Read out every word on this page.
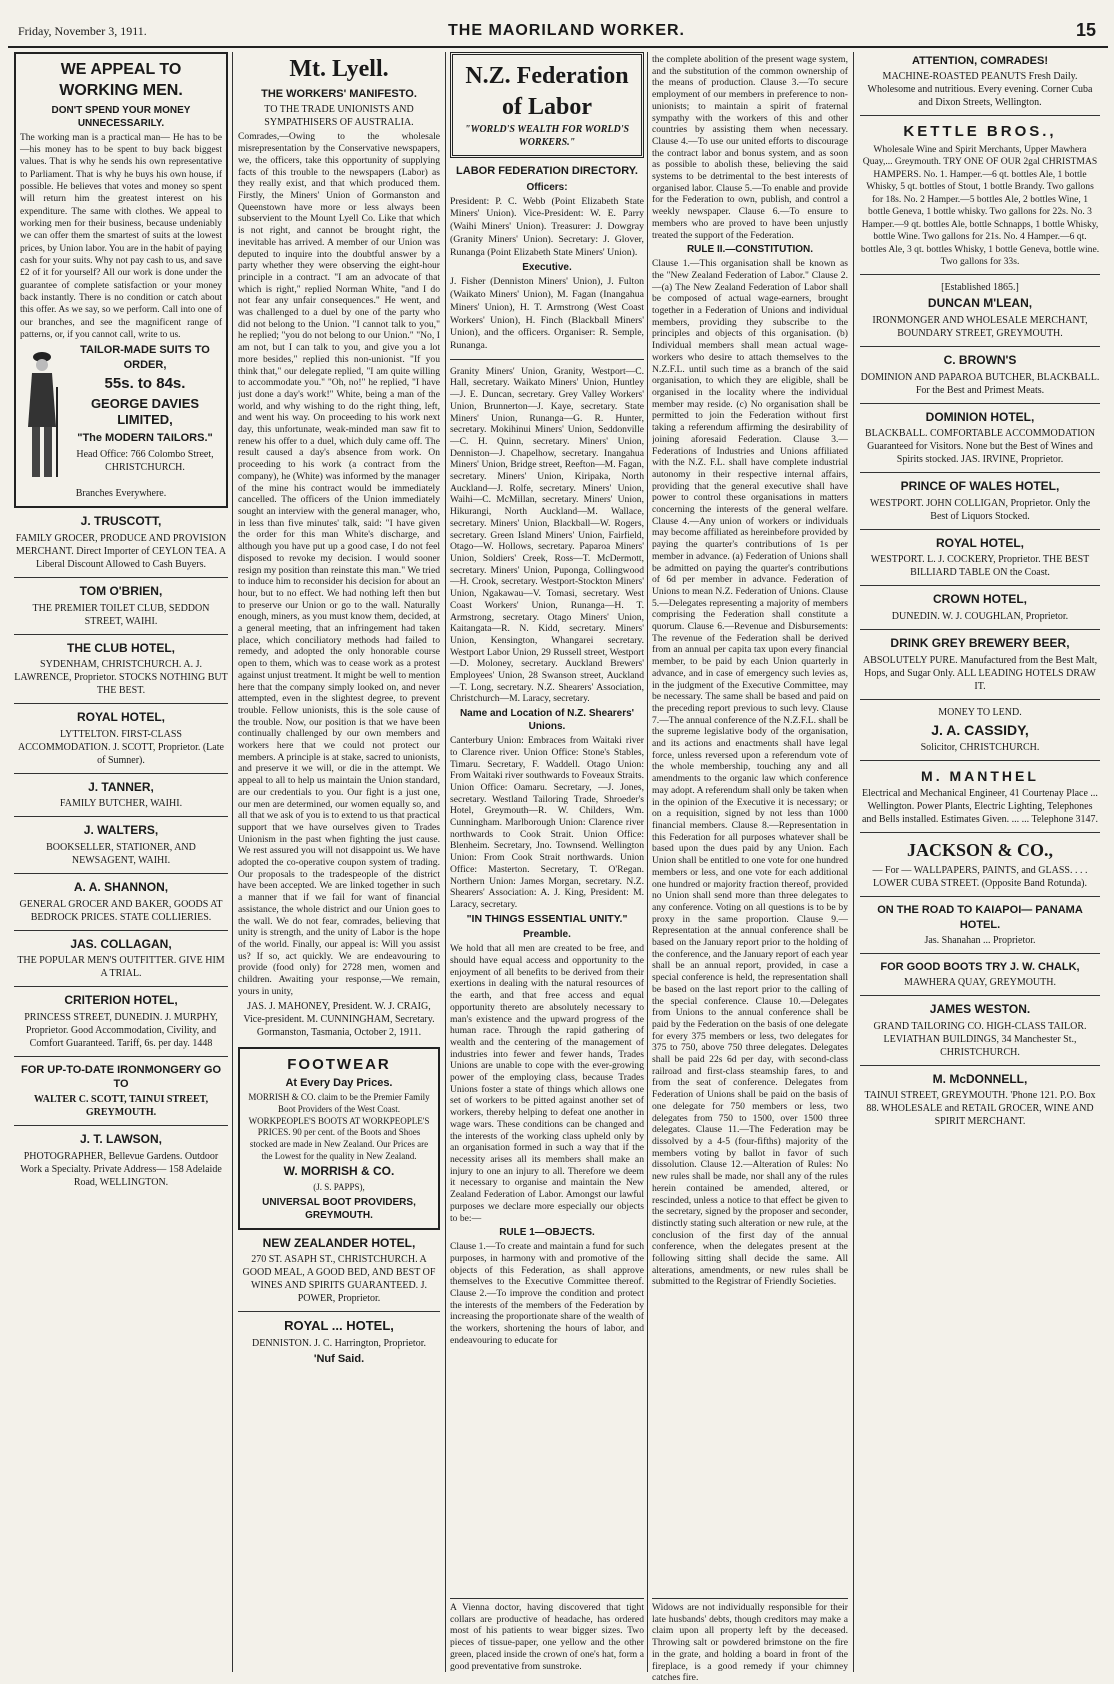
Friday, November 3, 1911.	THE MAORILAND WORKER.	15
WE APPEAL TO WORKING MEN.
DON'T SPEND YOUR MONEY UNNECESSARILY.

The working man is a practical man— He has to be—his money has to be spent to buy back biggest values. That is why he sends his own representative to Parliament. That is why he buys his own house, if possible. He believes that votes and money so spent will return him the greatest interest on his expenditure. The same with clothes. We appeal to working men for their business, because undeniably we can offer them the smartest of suits at the lowest prices, by Union labor. You are in the habit of paying cash for your suits. Why not pay cash to us, and save £2 of it for yourself? All our work is done under the guarantee of complete satisfaction or your money back instantly. There is no condition or catch about this offer. As we say, so we perform. Call into one of our branches, and see the magnificent range of patterns, or, if you cannot call, write to us.

TAILOR-MADE SUITS TO ORDER,
55s. to 84s.
GEORGE DAVIES LIMITED,
"The MODERN TAILORS."

Head Office: 766 Colombo Street, CHRISTCHURCH.

Branches Everywhere.

J. TRUSCOTT,

FAMILY GROCER, PRODUCE AND PROVISION MERCHANT. Direct Importer of CEYLON TEA. A Liberal Discount Allowed to Cash Buyers.

TOM O'BRIEN,

THE PREMIER TOILET CLUB, SEDDON STREET, WAIHI.

THE CLUB HOTEL,

SYDENHAM, CHRISTCHURCH. A. J. LAWRENCE, Proprietor. STOCKS NOTHING BUT THE BEST.

ROYAL HOTEL,

LYTTELTON. FIRST-CLASS ACCOMMODATION. J. SCOTT, Proprietor. (Late of Sumner).

J. TANNER,

FAMILY BUTCHER, WAIHI.

J. WALTERS,

BOOKSELLER, STATIONER, AND NEWSAGENT, WAIHI.

A. A. SHANNON,

GENERAL GROCER AND BAKER, GOODS AT BEDROCK PRICES. STATE COLLIERIES.

JAS. COLLAGAN,

THE POPULAR MEN'S OUTFITTER. GIVE HIM A TRIAL.

CRITERION HOTEL,

PRINCESS STREET, DUNEDIN. J. MURPHY, Proprietor. Good Accommodation, Civility, and Comfort Guaranteed. Tariff, 6s. per day. 1448

FOR UP-TO-DATE IRONMONGERY GO TO

WALTER C. SCOTT, TAINUI STREET, GREYMOUTH.

J. T. LAWSON,

PHOTOGRAPHER, Bellevue Gardens. Outdoor Work a Specialty. Private Address— 158 Adelaide Road, WELLINGTON.

Mt. Lyell.
THE WORKERS' MANIFESTO.

TO THE TRADE UNIONISTS AND SYMPATHISERS OF AUSTRALIA.

Comrades,—Owing to the wholesale misrepresentation by the Conservative newspapers, we, the officers, take this opportunity of supplying facts of this trouble to the newspapers (Labor) as they really exist, and that which produced them. Firstly, the Miners' Union of Gormanston and Queenstown have more or less always been subservient to the Mount Lyell Co. Like that which is not right, and cannot be brought right, the inevitable has arrived. A member of our Union was deputed to inquire into the doubtful answer by a party whether they were observing the eight-hour principle in a contract. "I am an advocate of that which is right," replied Norman White, "and I do not fear any unfair consequences." He went, and was challenged to a duel by one of the party who did not belong to the Union. "I cannot talk to you," he replied; "you do not belong to our Union." "No, I am not, but I can talk to you, and give you a lot more besides," replied this non-unionist. "If you think that," our delegate replied, "I am quite willing to accommodate you." "Oh, no!" he replied, "I have just done a day's work!" White, being a man of the world, and why wishing to do the right thing, left, and went his way. On proceeding to his work next day, this unfortunate, weak-minded man saw fit to renew his offer to a duel, which duly came off. The result caused a day's absence from work. On proceeding to his work (a contract from the company), he (White) was informed by the manager of the mine his contract would be immediately cancelled. The officers of the Union immediately sought an interview with the general manager, who, in less than five minutes' talk, said: "I have given the order for this man White's discharge, and although you have put up a good case, I do not feel disposed to revoke my decision. I would sooner resign my position than reinstate this man." We tried to induce him to reconsider his decision for about an hour, but to no effect. We had nothing left then but to preserve our Union or go to the wall. Naturally enough, miners, as you must know them, decided, at a general meeting, that an infringement had taken place, which conciliatory methods had failed to remedy, and adopted the only honorable course open to them, which was to cease work as a protest against unjust treatment. It might be well to mention here that the company simply looked on, and never attempted, even in the slightest degree, to prevent trouble. Fellow unionists, this is the sole cause of the trouble. Now, our position is that we have been continually challenged by our own members and workers here that we could not protect our members. A principle is at stake, sacred to unionists, and preserve it we will, or die in the attempt. We appeal to all to help us maintain the Union standard, are our credentials to you. Our fight is a just one, our men are determined, our women equally so, and all that we ask of you is to extend to us that practical support that we have ourselves given to Trades Unionism in the past when fighting the just cause. We rest assured you will not disappoint us. We have adopted the co-operative coupon system of trading. Our proposals to the tradespeople of the district have been accepted. We are linked together in such a manner that if we fail for want of financial assistance, the whole district and our Union goes to the wall. We do not fear, comrades, believing that unity is strength, and the unity of Labor is the hope of the world. Finally, our appeal is: Will you assist us? If so, act quickly. We are endeavouring to provide (food only) for 2728 men, women and children. Awaiting your response,—We remain, yours in unity,

JAS. J. MAHONEY, President. W. J. CRAIG, Vice-president. M. CUNNINGHAM, Secretary. Gormanston, Tasmania, October 2, 1911.

FOOTWEAR
At Every Day Prices.

MORRISH & CO. claim to be the Premier Family Boot Providers of the West Coast. WORKPEOPLE'S BOOTS AT WORKPEOPLE'S PRICES. 90 per cent. of the Boots and Shoes stocked are made in New Zealand. Our Prices are the Lowest for the quality in New Zealand.

W. MORRISH & CO.
(J. S. PAPPS),
UNIVERSAL BOOT PROVIDERS, GREYMOUTH.
NEW ZEALANDER HOTEL,

270 ST. ASAPH ST., CHRISTCHURCH. A GOOD MEAL, A GOOD BED, AND BEST OF WINES AND SPIRITS GUARANTEED. J. POWER, Proprietor.

ROYAL ... HOTEL,

DENNISTON. J. C. Harrington, Proprietor.

'Nuf Said.
N.Z. Federation of Labor
"WORLD'S WEALTH FOR WORLD'S WORKERS."
LABOR FEDERATION DIRECTORY.
Officers:

President: P. C. Webb (Point Elizabeth State Miners' Union). Vice-President: W. E. Parry (Waihi Miners' Union). Treasurer: J. Dowgray (Granity Miners' Union). Secretary: J. Glover, Runanga (Point Elizabeth State Miners' Union).

Executive.

J. Fisher (Denniston Miners' Union), J. Fulton (Waikato Miners' Union), M. Fagan (Inangahua Miners' Union), H. T. Armstrong (West Coast Workers' Union), H. Finch (Blackball Miners' Union), and the officers. Organiser: R. Semple, Runanga.

Granity Miners' Union, Granity, Westport—C. Hall, secretary. Waikato Miners' Union, Huntley—J. E. Duncan, secretary. Grey Valley Workers' Union, Brunnerton—J. Kaye, secretary. State Miners' Union, Runanga—G. R. Hunter, secretary. Mokihinui Miners' Union, Seddonville—C. H. Quinn, secretary. Miners' Union, Denniston—J. Chapelhow, secretary. Inangahua Miners' Union, Bridge street, Reefton—M. Fagan, secretary. Miners' Union, Kiripaka, North Auckland—J. Rolfe, secretary. Miners' Union, Waihi—C. McMillan, secretary. Miners' Union, Hikurangi, North Auckland—M. Wallace, secretary. Miners' Union, Blackball—W. Rogers, secretary. Green Island Miners' Union, Fairfield, Otago—W. Hollows, secretary. Paparoa Miners' Union, Soldiers' Creek, Ross—T. McDermott, secretary. Miners' Union, Puponga, Collingwood—H. Crook, secretary. Westport-Stockton Miners' Union, Ngakawau—V. Tomasi, secretary. West Coast Workers' Union, Runanga—H. T. Armstrong, secretary. Otago Miners' Union, Kaitangata—R. N. Kidd, secretary. Miners' Union, Kensington, Whangarei secretary. Westport Labor Union, 29 Russell street, Westport—D. Moloney, secretary. Auckland Brewers' Employees' Union, 28 Swanson street, Auckland—T. Long, secretary. N.Z. Shearers' Association, Christchurch—M. Laracy, secretary.

Name and Location of N.Z. Shearers' Unions.

Canterbury Union: Embraces from Waitaki river to Clarence river. Union Office: Stone's Stables, Timaru. Secretary, F. Waddell. Otago Union: From Waitaki river southwards to Foveaux Straits. Union Office: Oamaru. Secretary, —J. Jones, secretary. Westland Tailoring Trade, Shroeder's Hotel, Greymouth—R. W. Childers, Wm. Cunningham. Marlborough Union: Clarence river northwards to Cook Strait. Union Office: Blenheim. Secretary, Jno. Townsend. Wellington Union: From Cook Strait northwards. Union Office: Masterton. Secretary, T. O'Regan. Northern Union: James Morgan, secretary. N.Z. Shearers' Association: A. J. King, President: M. Laracy, secretary.

"IN THINGS ESSENTIAL UNITY."
Preamble.

We hold that all men are created to be free, and should have equal access and opportunity to the enjoyment of all benefits to be derived from their exertions in dealing with the natural resources of the earth, and that free access and equal opportunity thereto are absolutely necessary to man's existence and the upward progress of the human race. Through the rapid gathering of wealth and the centering of the management of industries into fewer and fewer hands, Trades Unions are unable to cope with the ever-growing power of the employing class, because Trades Unions foster a state of things which allows one set of workers to be pitted against another set of workers, thereby helping to defeat one another in wage wars. These conditions can be changed and the interests of the working class upheld only by an organisation formed in such a way that if the necessity arises all its members shall make an injury to one an injury to all. Therefore we deem it necessary to organise and maintain the New Zealand Federation of Labor. Amongst our lawful purposes we declare more especially our objects to be:—

RULE 1—OBJECTS.

Clause 1.—To create and maintain a fund for such purposes, in harmony with and promotive of the objects of this Federation, as shall approve themselves to the Executive Committee thereof. Clause 2.—To improve the condition and protect the interests of the members of the Federation by increasing the proportionate share of the wealth of the workers, shortening the hours of labor, and endeavouring to educate for

A Vienna doctor, having discovered that tight collars are productive of headache, has ordered most of his patients to wear bigger sizes. Two pieces of tissue-paper, one yellow and the other green, placed inside the crown of one's hat, form a good preventative from sunstroke.

the complete abolition of the present wage system, and the substitution of the common ownership of the means of production. Clause 3.—To secure employment of our members in preference to non-unionists; to maintain a spirit of fraternal sympathy with the workers of this and other countries by assisting them when necessary. Clause 4.—To use our united efforts to discourage the contract labor and bonus system, and as soon as possible to abolish these, believing the said systems to be detrimental to the best interests of organised labor. Clause 5.—To enable and provide for the Federation to own, publish, and control a weekly newspaper. Clause 6.—To ensure to members who are proved to have been unjustly treated the support of the Federation.

RULE II.—CONSTITUTION.

Clause 1.—This organisation shall be known as the "New Zealand Federation of Labor." Clause 2.—(a) The New Zealand Federation of Labor shall be composed of actual wage-earners, brought together in a Federation of Unions and individual members, providing they subscribe to the principles and objects of this organisation. (b) Individual members shall mean actual wage-workers who desire to attach themselves to the N.Z.F.L. until such time as a branch of the said organisation, to which they are eligible, shall be organised in the locality where the individual member may reside. (c) No organisation shall be permitted to join the Federation without first taking a referendum affirming the desirability of joining aforesaid Federation. Clause 3.—Federations of Industries and Unions affiliated with the N.Z. F.L. shall have complete industrial autonomy in their respective internal affairs, providing that the general executive shall have power to control these organisations in matters concerning the interests of the general welfare. Clause 4.—Any union of workers or individuals may become affiliated as hereinbefore provided by paying the quarter's contributions of 1s per member in advance. (a) Federation of Unions shall be admitted on paying the quarter's contributions of 6d per member in advance. Federation of Unions to mean N.Z. Federation of Unions. Clause 5.—Delegates representing a majority of members comprising the Federation shall constitute a quorum. Clause 6.—Revenue and Disbursements: The revenue of the Federation shall be derived from an annual per capita tax upon every financial member, to be paid by each Union quarterly in advance, and in case of emergency such levies as, in the judgment of the Executive Committee, may be necessary. The same shall be based and paid on the preceding report previous to such levy. Clause 7.—The annual conference of the N.Z.F.L. shall be the supreme legislative body of the organisation, and its actions and enactments shall have legal force, unless reversed upon a referendum vote of the whole membership, touching any and all amendments to the organic law which conference may adopt. A referendum shall only be taken when in the opinion of the Executive it is necessary; or on a requisition, signed by not less than 1000 financial members. Clause 8.—Representation in this Federation for all purposes whatever shall be based upon the dues paid by any Union. Each Union shall be entitled to one vote for one hundred members or less, and one vote for each additional one hundred or majority fraction thereof, provided no Union shall send more than three delegates to any conference. Voting on all questions is to be by proxy in the same proportion. Clause 9.—Representation at the annual conference shall be based on the January report prior to the holding of the conference, and the January report of each year shall be an annual report, provided, in case a special conference is held, the representation shall be based on the last report prior to the calling of the special conference. Clause 10.—Delegates from Unions to the annual conference shall be paid by the Federation on the basis of one delegate for every 375 members or less, two delegates for 375 to 750, above 750 three delegates. Delegates shall be paid 22s 6d per day, with second-class railroad and first-class steamship fares, to and from the seat of conference. Delegates from Federation of Unions shall be paid on the basis of one delegate for 750 members or less, two delegates from 750 to 1500, over 1500 three delegates. Clause 11.—The Federation may be dissolved by a 4-5 (four-fifths) majority of the members voting by ballot in favor of such dissolution. Clause 12.—Alteration of Rules: No new rules shall be made, nor shall any of the rules herein contained be amended, altered, or rescinded, unless a notice to that effect be given to the secretary, signed by the proposer and seconder, distinctly stating such alteration or new rule, at the conclusion of the first day of the annual conference, when the delegates present at the following sitting shall decide the same. All alterations, amendments, or new rules shall be submitted to the Registrar of Friendly Societies.

Widows are not individually responsible for their late husbands' debts, though creditors may make a claim upon all property left by the deceased. Throwing salt or powdered brimstone on the fire in the grate, and holding a board in front of the fireplace, is a good remedy if your chimney catches fire.
ATTENTION, COMRADES!

MACHINE-ROASTED PEANUTS Fresh Daily. Wholesome and nutritious. Every evening. Corner Cuba and Dixon Streets, Wellington.

KETTLE BROS.,

Wholesale Wine and Spirit Merchants, Upper Mawhera Quay,... Greymouth. TRY ONE OF OUR 2gal CHRISTMAS HAMPERS. No. 1. Hamper.—6 qt. bottles Ale, 1 bottle Whisky, 5 qt. bottles of Stout, 1 bottle Brandy. Two gallons for 18s. No. 2 Hamper.—5 bottles Ale, 2 bottles Wine, 1 bottle Geneva, 1 bottle whisky. Two gallons for 22s. No. 3 Hamper.—9 qt. bottles Ale, bottle Schnapps, 1 bottle Whisky, bottle Wine. Two gallons for 21s. No. 4 Hamper.—6 qt. bottles Ale, 3 qt. bottles Whisky, 1 bottle Geneva, bottle wine. Two gallons for 33s.

[Established 1865.]

DUNCAN M'LEAN,

IRONMONGER AND WHOLESALE MERCHANT, BOUNDARY STREET, GREYMOUTH.

C. BROWN'S

DOMINION AND PAPAROA BUTCHER, BLACKBALL. For the Best and Primest Meats.

DOMINION HOTEL,

BLACKBALL. COMFORTABLE ACCOMMODATION Guaranteed for Visitors. None but the Best of Wines and Spirits stocked. JAS. IRVINE, Proprietor.

PRINCE OF WALES HOTEL,

WESTPORT. JOHN COLLIGAN, Proprietor. Only the Best of Liquors Stocked.

ROYAL HOTEL,

WESTPORT. L. J. COCKERY, Proprietor. THE BEST BILLIARD TABLE ON the Coast.

CROWN HOTEL,

DUNEDIN. W. J. COUGHLAN, Proprietor.

DRINK GREY BREWERY BEER,

ABSOLUTELY PURE. Manufactured from the Best Malt, Hops, and Sugar Only. ALL LEADING HOTELS DRAW IT.

MONEY TO LEND.

J. A. CASSIDY,

Solicitor, CHRISTCHURCH.

M. MANTHEL

Electrical and Mechanical Engineer, 41 Courtenay Place ... Wellington. Power Plants, Electric Lighting, Telephones and Bells installed. Estimates Given. ... ... Telephone 3147.

JACKSON & CO.,

— For — WALLPAPERS, PAINTS, and GLASS. . . . LOWER CUBA STREET. (Opposite Band Rotunda).

ON THE ROAD TO KAIAPOI— PANAMA HOTEL.

Jas. Shanahan ... Proprietor.

FOR GOOD BOOTS TRY J. W. CHALK,

MAWHERA QUAY, GREYMOUTH.

JAMES WESTON.

GRAND TAILORING CO. HIGH-CLASS TAILOR. LEVIATHAN BUILDINGS, 34 Manchester St., CHRISTCHURCH.

M. McDONNELL,

TAINUI STREET, GREYMOUTH. 'Phone 121. P.O. Box 88. WHOLESALE and RETAIL GROCER, WINE AND SPIRIT MERCHANT.
